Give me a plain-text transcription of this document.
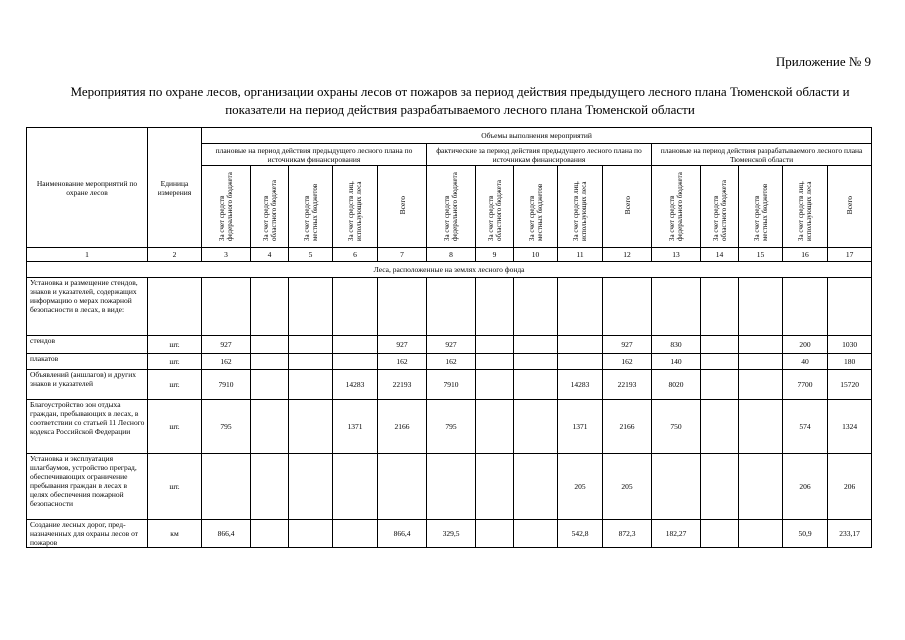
Приложение № 9
Мероприятия по охране лесов, организации охраны лесов от пожаров за период действия предыдущего лесного плана Тюменской области и
показатели на период действия разрабатываемого лесного плана Тюменской области
Наименование мероприятий по охране лесов	Единица измерения	Объемы выполнения мероприятий														
		плановые на период действия предыдущего лесного плана по источникам финансирования					фактические за период действия предыдущего лесного плана по источникам финансирования					плановые на период действия разрабатываемого лесного плана Тюменской области				
		За счет средств федерального бюджета	За счет средств областного бюджета	За счет средств местных бюджетов	За счет средств лиц, использующих леса	Всего	За счет средств федерального бюджета	За счет средств областного бюджета	За счет средств местных бюджетов	За счет средств лиц, использующих леса	Всего	За счет средств федерального бюджета	За счет средств областного бюджета	За счет средств местных бюджетов	За счет средств лиц, использующих леса	Всего
1	2	3	4	5	6	7	8	9	10	11	12	13	14	15	16	17
Леса, расположенные на землях лесного фонда																
Установка и размещение стендов, знаков и указателей, содержащих информацию о мерах пожарной безопасности в лесах, в виде:																
стендов	шт.	927				927	927				927	830			200	1030
плакатов	шт.	162				162	162				162	140			40	180
Объявлений (аншлагов) и других знаков и указателей	шт.	7910			14283	22193	7910			14283	22193	8020			7700	15720
Благоустройство зон отдыха граждан, пребывающих в лесах, в соответствии со статьей 11 Лесного кодекса Российской Федерации	шт.	795			1371	2166	795			1371	2166	750			574	1324
Установка и эксплуатация шлагбаумов, устройство преград, обеспечивающих ограничение пребывания граждан в лесах в целях обеспечения пожарной безопасности	шт.									205	205				206	206
Создание лесных дорог, пред- назначенных для охраны лесов от пожаров	км	866,4				866,4	329,5			542,8	872,3	182,27			50,9	233,17
